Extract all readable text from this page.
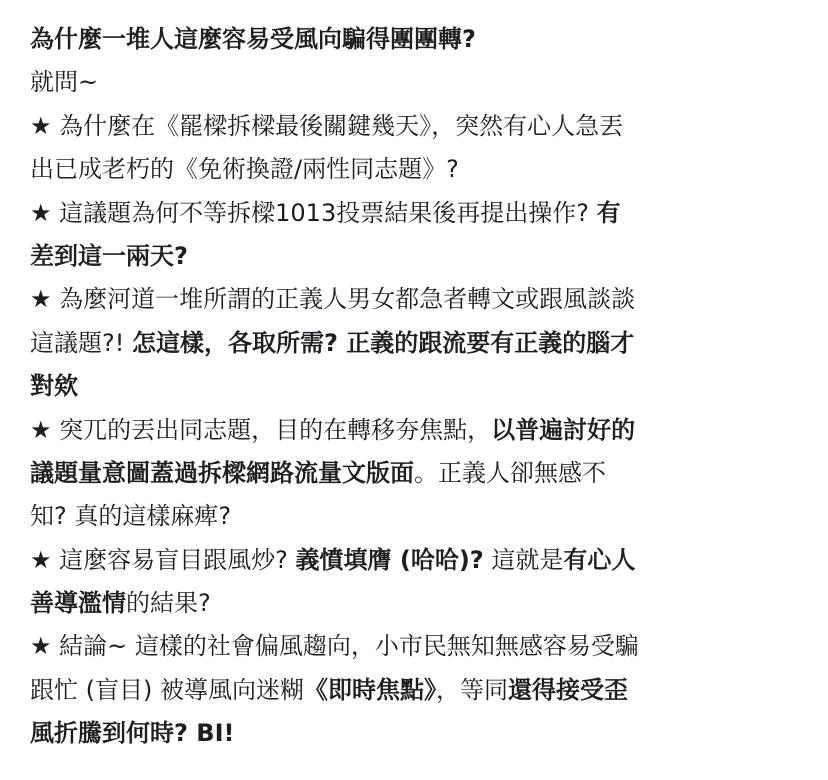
為什麼一堆人這麼容易受風向騙得團團轉?
就問~
★ 為什麼在《罷樑拆樑最後關鍵幾天》，突然有心人急丟
出已成老朽的《免術換證/兩性同志題》?
★ 這議題為何不等拆樑1013投票結果後再提出操作? 有
差到這一兩天?
★ 為麼河道一堆所謂的正義人男女都急者轉文或跟風談談
這議題?! 怎這樣，各取所需? 正義的跟流要有正義的腦才
對欸
★ 突兀的丟出同志題，目的在轉移夯焦點，以普遍討好的
議題量意圖蓋過拆樑網路流量文版面。正義人卻無感不
知? 真的這樣麻痺?
★ 這麼容易盲目跟風炒? 義憤填膺 (哈哈)? 這就是有心人
善導濫情的結果?
★ 結論~ 這樣的社會偏風趨向，小市民無知無感容易受騙
跟忙 (盲目) 被導風向迷糊《即時焦點》，等同還得接受歪
風折騰到何時? BI!
